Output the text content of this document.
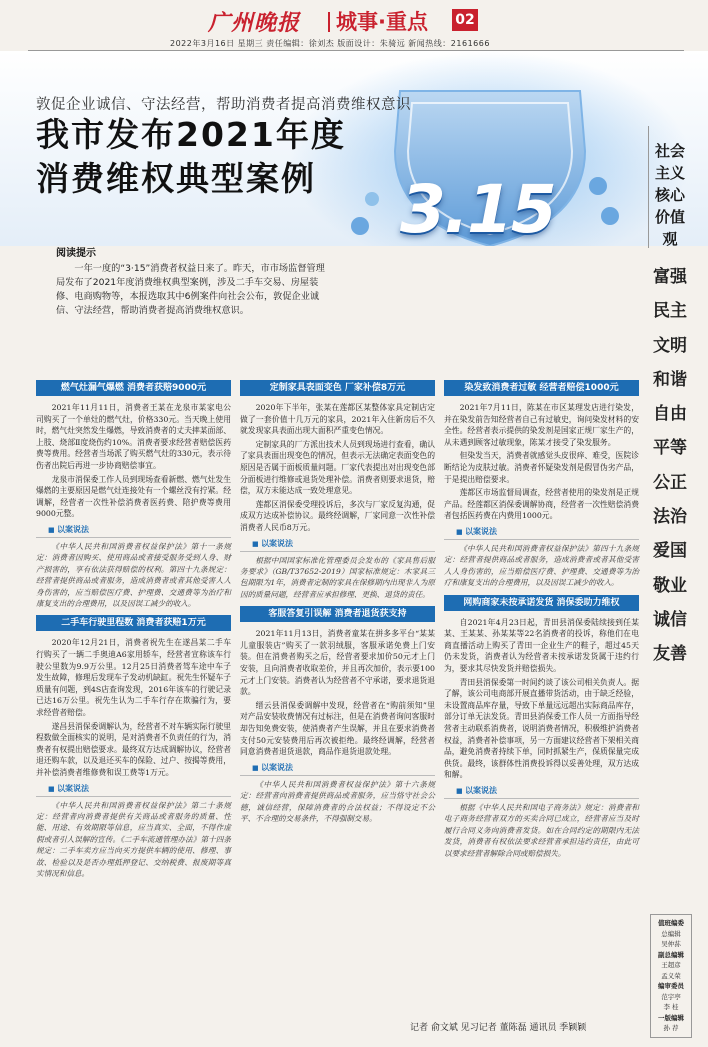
广州晚报 城事·重点 02
2022年3月16日 星期三 责任编辑：徐刘杰 版面设计：朱骑远 新闻热线：2161666
敦促企业诚信、守法经营，帮助消费者提高消费维权意识
我市发布2021年度
消费维权典型案例	3.15
社会主义
核心
价值观
富强
民主
文明
和谐
自由
平等
公正
法治
爱国
敬业
诚信
友善
阅读提示
一年一度的“3·15”消费者权益日来了。昨天，市市场监督管理局发布了2021年度消费维权典型案例，涉及二手车交易、房屋装修、电商购物等，本报选取其中6例案件向社会公布，敦促企业诚信、守法经营，帮助消费者提高消费维权意识。
燃气灶漏气爆燃 消费者获赔9000元

2021年11月11日，消费者王某在龙泉市某家电公司购买了一个单灶的燃气灶，价格330元。当天晚上使用时，燃气灶突然发生爆燃，导致消费者的丈夫摔某面部、上肢、烧部Ⅱ度烧伤约10%。消费者要求经营者赔偿医药费等费用。经营者当场派了购买燃气灶的330元，表示待伤者出院后再进一步协商赔偿事宜。

龙泉市消保委工作人员到现场查看新燃、燃气灶发生爆燃的主要原因是燃气灶连接处有一个螺丝没有拧紧。经调解，经营者一次性补偿消费者医药费、陪护费等费用9000元整。

■ 以案说法

《中华人民共和国消费者权益保护法》第十一条规定：消费者因购买、使用商品或者接受服务受到人身、财产损害的，享有依法获得赔偿的权利。第四十九条规定：经营者提供商品或者服务，造成消费者或者其他受害人人身伤害的，应当赔偿医疗费、护理费、交通费等为治疗和康复支出的合理费用，以及因误工减少的收入。

二手车行驶里程数 消费者获赔1万元

2020年12月21日，消费者祝先生在遂昌某二手车行购买了一辆二手奥迪A6家用轿车，经营者宣称该车行驶公里数为9.9万公里。12月25日消费者驾车途中车子发生故障，修理后发现车子发动机缺缸。祝先生怀疑车子质量有问题，到4S店查询发现，2016年该车的行驶记录已达16万公里。祝先生认为二手车行存在欺骗行为，要求经营者赔偿。

遂昌县消保委调解认为，经营者不对车辆实际行驶里程数做全面核实的说明，是对消费者不负责任的行为，消费者有权提出赔偿要求。最终双方达成调解协议，经营者退还购车款，以及退还买车的保险、过户、按揭等费用，并补偿消费者维修费和误工费等1万元。

■ 以案说法

《中华人民共和国消费者权益保护法》第二十条规定：经营者向消费者提供有关商品或者服务的质量、性能、用途、有效期限等信息，应当真实、全面，不得作虚假或者引人误解的宣传。《二手车流通管理办法》第十四条规定：二手车卖方应当向买方提供车辆的使用、修理、事故、检验以及是否办理抵押登记、交纳税费、报废期等真实情况和信息。

定制家具表面变色 厂家补偿8万元

2020年下半年，张某在莲都区某整体家具定制店定做了一套价值十几万元的家具，2021年入住新房后不久就发现家具表面出现大面积严重变色情况。

定制家具的厂方派出技术人员到现场进行查看，确认了家具表面出现变色的情况，但表示无法确定表面变色的原因是否属于面板质量问题。厂家代表提出对出现变色部分面板进行维修或退货处理补偿。消费者则要求退货，赔偿，双方未能达成一致处理意见。

莲都区消保委受理投诉后，多次与厂家反复沟通，促成双方达成补偿协议。最终经调解，厂家同意一次性补偿消费者人民币8万元。

■ 以案说法

根据中国国家标准化管理委员会发布的《家具售后服务要求》（GB/T37652-2019）国家标准规定：木家具三包期限为1年，消费者定制的家具在保修期内出现非人为原因的质量问题，经营者应承担修理、更换、退货的责任。

客服答复引误解 消费者退货获支持

2021年11月13日，消费者童某在拼多多平台“某某儿童服装店”购买了一款羽绒服，客服承诺免费上门安装。但在消费者购买之后，经营者要求加价50元才上门安装，且向消费者收取差价，并且再次加价，表示要100元才上门安装。消费者认为经营者不守承诺，要求退货退款。

缙云县消保委调解中发现，经营者在“购前须知”里对产品安装收费情况有过标注，但是在消费者询问客服时却告知免费安装，使消费者产生误解，并且在要求消费者支付50元安装费用后再次被拒绝。最终经调解，经营者同意消费者退货退款，商品作退货退款处理。

■ 以案说法

《中华人民共和国消费者权益保护法》第十六条规定：经营者向消费者提供商品或者服务，应当恪守社会公德，诚信经营，保障消费者的合法权益；不得设定不公平、不合理的交易条件，不得强制交易。

染发致消费者过敏 经营者赔偿1000元

2021年7月11日，陈某在市区某理发店进行染发，并在染发前告知经营者自己有过敏史，询问染发材料的安全性。经营者表示提供的染发剂是国家正规厂家生产的，从未遇到顾客过敏现象，陈某才接受了染发服务。

但染发当天，消费者就感觉头皮很痒、难受，医院诊断结论为皮肤过敏。消费者怀疑染发剂是假冒伪劣产品，于是提出赔偿要求。

莲都区市场监督局调查，经营者使用的染发剂是正规产品。经莲都区消保委调解协商，经营者一次性赔偿消费者包括医药费在内费用1000元。

■ 以案说法

《中华人民共和国消费者权益保护法》第四十九条规定：经营者提供商品或者服务，造成消费者或者其他受害人人身伤害的，应当赔偿医疗费、护理费、交通费等为治疗和康复支出的合理费用，以及因误工减少的收入。

网购商家未按承诺发货 消保委助力维权

自2021年4月23日起，青田县消保委陆续接到任某某、王某某、孙某某等22名消费者的投诉，称他们在电商直播活动上购买了青田一企业生产的鞋子，超过45天仍未发货，消费者认为经营者未按承诺发货属于违约行为，要求其尽快发货并赔偿损失。

青田县消保委第一时间约谈了该公司相关负责人。据了解，该公司电商部开展直播带货活动，由于缺乏经验，未设置商品库存量，导致下单量远远超出实际商品库存，部分订单无法发货。青田县消保委工作人员一方面指导经营者主动联系消费者，说明消费者情况，积极维护消费者权益，消费者补偿事项，另一方面建议经营者下架相关商品，避免消费者持续下单，同时抓紧生产，保质保量完成供货。最终，该群体性消费投诉得以妥善处理，双方达成和解。

■ 以案说法

根据《中华人民共和国电子商务法》规定：消费者和电子商务经营者双方的买卖合同已成立，经营者应当及时履行合同义务向消费者发货。如在合同约定的期限内无法发货，消费者有权依法要求经营者承担违约责任，由此可以要求经营者解除合同或赔偿损失。

记者 俞文斌 见习记者 董陈磊 通讯员 季颖颖
值班编委
总编辑
吴仲荪
副总编辑
王超彦
孟义荣
编审委员
范宇亭
李 桂
一版编辑
孙 荐
